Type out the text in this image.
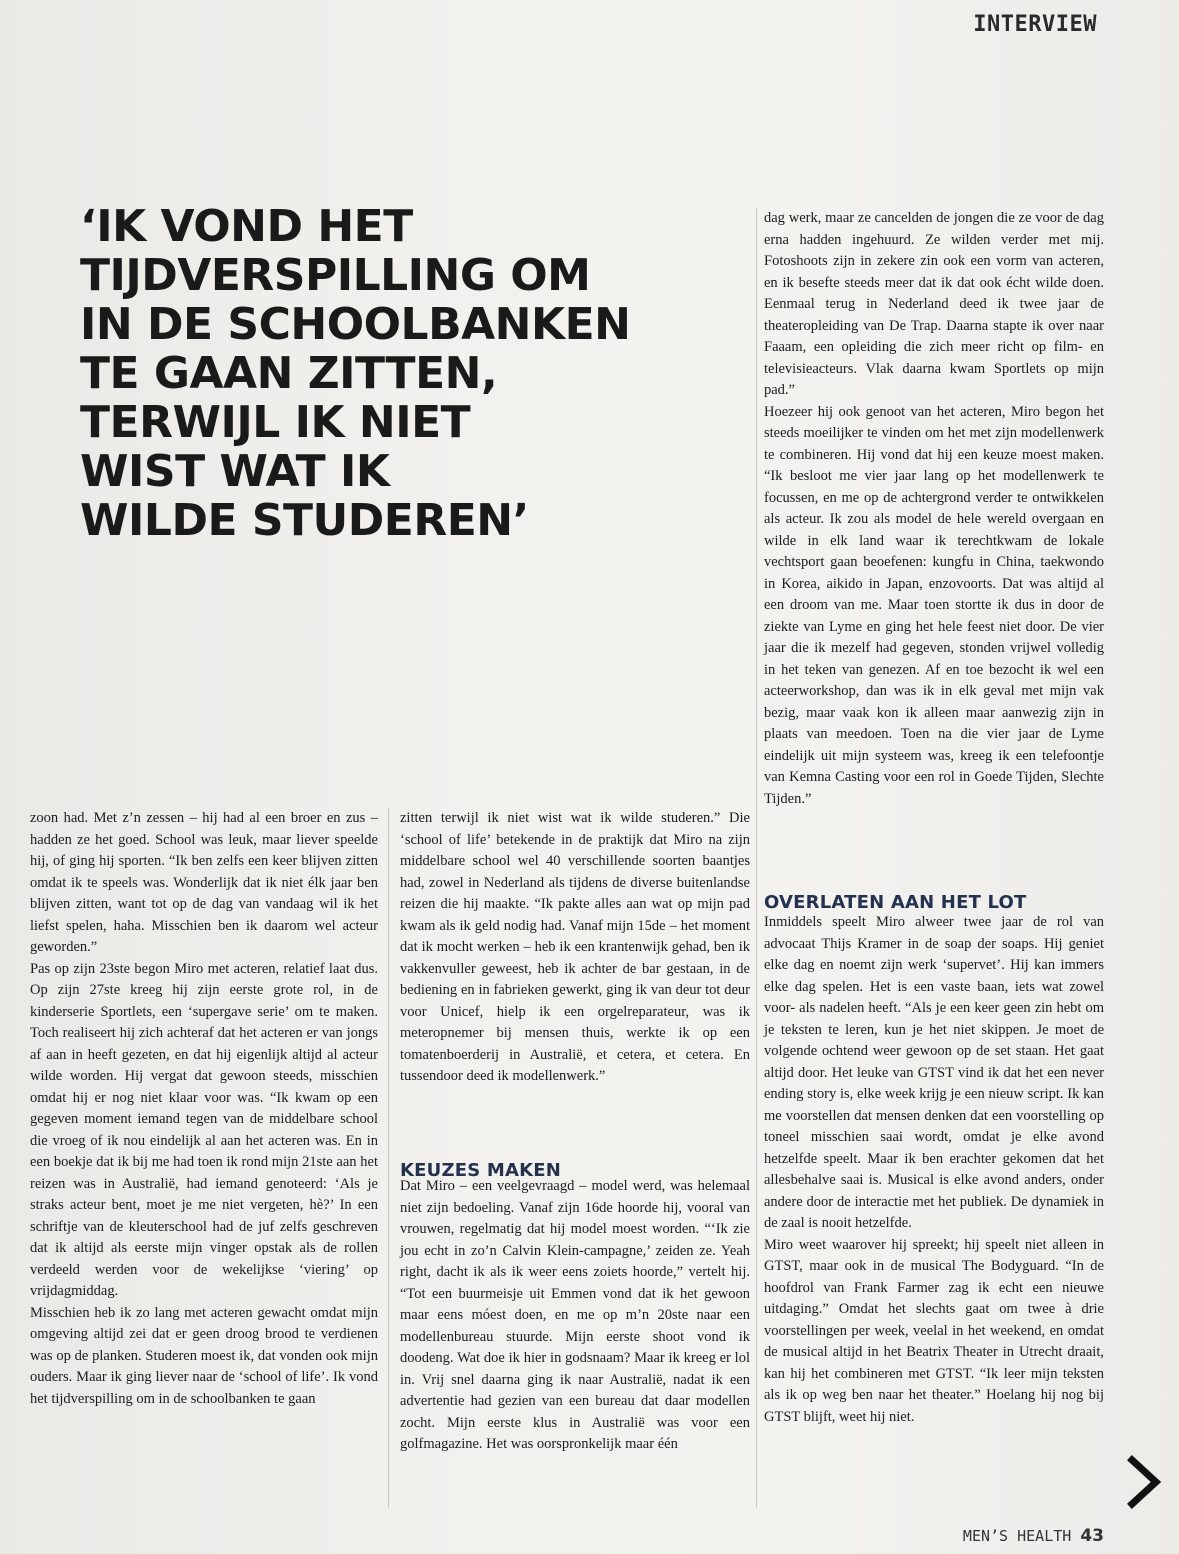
INTERVIEW
‘IK VOND HET
TIJDVERSPILLING OM
IN DE SCHOOLBANKEN
TE GAAN ZITTEN,
TERWIJL IK NIET
WIST WAT IK
WILDE STUDEREN’

zoon had. Met z’n zessen – hij had al een broer en zus – hadden ze het goed. School was leuk, maar liever speelde hij, of ging hij sporten. “Ik ben zelfs een keer blijven zitten omdat ik te speels was. Wonderlijk dat ik niet élk jaar ben blijven zitten, want tot op de dag van vandaag wil ik het liefst spelen, haha. Misschien ben ik daarom wel acteur geworden.”

Pas op zijn 23ste begon Miro met acteren, relatief laat dus. Op zijn 27ste kreeg hij zijn eerste grote rol, in de kinderserie Sportlets, een ‘supergave serie’ om te maken. Toch realiseert hij zich achteraf dat het acteren er van jongs af aan in heeft gezeten, en dat hij eigenlijk altijd al acteur wilde worden. Hij vergat dat gewoon steeds, misschien omdat hij er nog niet klaar voor was. “Ik kwam op een gegeven moment iemand tegen van de middelbare school die vroeg of ik nou eindelijk al aan het acteren was. En in een boekje dat ik bij me had toen ik rond mijn 21ste aan het reizen was in Australië, had iemand genoteerd: ‘Als je straks acteur bent, moet je me niet vergeten, hè?’ In een schriftje van de kleuterschool had de juf zelfs geschreven dat ik altijd als eerste mijn vinger opstak als de rollen verdeeld werden voor de wekelijkse ‘viering’ op vrijdagmiddag.

Misschien heb ik zo lang met acteren gewacht omdat mijn omgeving altijd zei dat er geen droog brood te verdienen was op de planken. Studeren moest ik, dat vonden ook mijn ouders. Maar ik ging liever naar de ‘school of life’. Ik vond het tijdverspilling om in de schoolbanken te gaan

zitten terwijl ik niet wist wat ik wilde studeren.” Die ‘school of life’ betekende in de praktijk dat Miro na zijn middelbare school wel 40 verschillende soorten baantjes had, zowel in Nederland als tijdens de diverse buitenlandse reizen die hij maakte. “Ik pakte alles aan wat op mijn pad kwam als ik geld nodig had. Vanaf mijn 15de – het moment dat ik mocht werken – heb ik een krantenwijk gehad, ben ik vakkenvuller geweest, heb ik achter de bar gestaan, in de bediening en in fabrieken gewerkt, ging ik van deur tot deur voor Unicef, hielp ik een orgelreparateur, was ik meteropnemer bij mensen thuis, werkte ik op een tomatenboerderij in Australië, et cetera, et cetera. En tussendoor deed ik modellenwerk.”

KEUZES MAKEN

Dat Miro – een veelgevraagd – model werd, was helemaal niet zijn bedoeling. Vanaf zijn 16de hoorde hij, vooral van vrouwen, regelmatig dat hij model moest worden. “‘Ik zie jou echt in zo’n Calvin Klein-campagne,’ zeiden ze. Yeah right, dacht ik als ik weer eens zoiets hoorde,” vertelt hij. “Tot een buurmeisje uit Emmen vond dat ik het gewoon maar eens móest doen, en me op m’n 20ste naar een modellenbureau stuurde. Mijn eerste shoot vond ik doodeng. Wat doe ik hier in godsnaam? Maar ik kreeg er lol in. Vrij snel daarna ging ik naar Australië, nadat ik een advertentie had gezien van een bureau dat daar modellen zocht. Mijn eerste klus in Australië was voor een golfmagazine. Het was oorspronkelijk maar één

dag werk, maar ze cancelden de jongen die ze voor de dag erna hadden ingehuurd. Ze wilden verder met mij. Fotoshoots zijn in zekere zin ook een vorm van acteren, en ik besefte steeds meer dat ik dat ook écht wilde doen. Eenmaal terug in Nederland deed ik twee jaar de theateropleiding van De Trap. Daarna stapte ik over naar Faaam, een opleiding die zich meer richt op film- en televisieacteurs. Vlak daarna kwam Sportlets op mijn pad.”

Hoezeer hij ook genoot van het acteren, Miro begon het steeds moeilijker te vinden om het met zijn modellenwerk te combineren. Hij vond dat hij een keuze moest maken. “Ik besloot me vier jaar lang op het modellenwerk te focussen, en me op de achtergrond verder te ontwikkelen als acteur. Ik zou als model de hele wereld overgaan en wilde in elk land waar ik terechtkwam de lokale vechtsport gaan beoefenen: kungfu in China, taekwondo in Korea, aikido in Japan, enzovoorts. Dat was altijd al een droom van me. Maar toen stortte ik dus in door de ziekte van Lyme en ging het hele feest niet door. De vier jaar die ik mezelf had gegeven, stonden vrijwel volledig in het teken van genezen. Af en toe bezocht ik wel een acteerworkshop, dan was ik in elk geval met mijn vak bezig, maar vaak kon ik alleen maar aanwezig zijn in plaats van meedoen. Toen na die vier jaar de Lyme eindelijk uit mijn systeem was, kreeg ik een telefoontje van Kemna Casting voor een rol in Goede Tijden, Slechte Tijden.”

OVERLATEN AAN HET LOT

Inmiddels speelt Miro alweer twee jaar de rol van advocaat Thijs Kramer in de soap der soaps. Hij geniet elke dag en noemt zijn werk ‘supervet’. Hij kan immers elke dag spelen. Het is een vaste baan, iets wat zowel voor- als nadelen heeft. “Als je een keer geen zin hebt om je teksten te leren, kun je het niet skippen. Je moet de volgende ochtend weer gewoon op de set staan. Het gaat altijd door. Het leuke van GTST vind ik dat het een never ending story is, elke week krijg je een nieuw script. Ik kan me voorstellen dat mensen denken dat een voorstelling op toneel misschien saai wordt, omdat je elke avond hetzelfde speelt. Maar ik ben erachter gekomen dat het allesbehalve saai is. Musical is elke avond anders, onder andere door de interactie met het publiek. De dynamiek in de zaal is nooit hetzelfde.

Miro weet waarover hij spreekt; hij speelt niet alleen in GTST, maar ook in de musical The Bodyguard. “In de hoofdrol van Frank Farmer zag ik echt een nieuwe uitdaging.” Omdat het slechts gaat om twee à drie voorstellingen per week, veelal in het weekend, en omdat de musical altijd in het Beatrix Theater in Utrecht draait, kan hij het combineren met GTST. “Ik leer mijn teksten als ik op weg ben naar het theater.” Hoelang hij nog bij GTST blijft, weet hij niet.

MEN’S HEALTH 43
